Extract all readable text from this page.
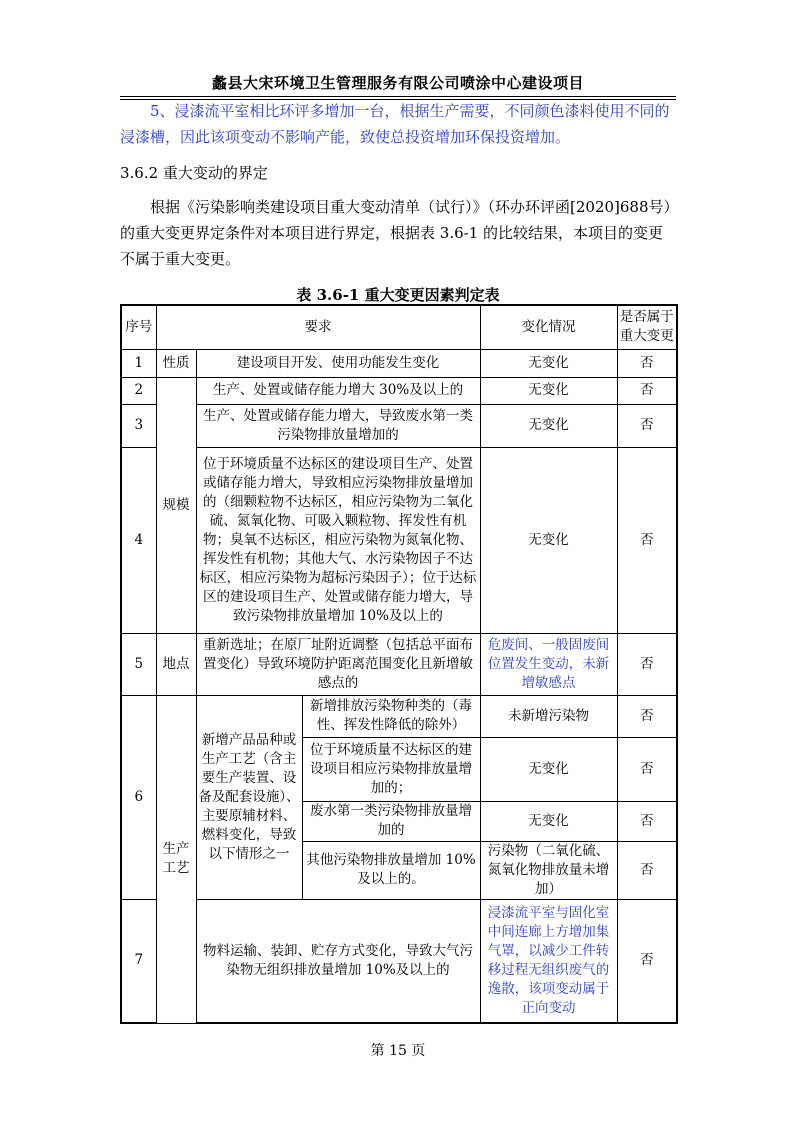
蠡县大宋环境卫生管理服务有限公司喷涂中心建设项目
5、浸漆流平室相比环评多增加一台，根据生产需要，不同颜色漆料使用不同的浸漆槽，因此该项变动不影响产能，致使总投资增加环保投资增加。
3.6.2 重大变动的界定
根据《污染影响类建设项目重大变动清单（试行）》（环办环评函[2020]688号）的重大变更界定条件对本项目进行界定，根据表 3.6-1 的比较结果，本项目的变更不属于重大变更。
表 3.6-1 重大变更因素判定表
序号	要求			变化情况	是否属于重大变更
1	性质	建设项目开发、使用功能发生变化		无变化	否
2	规模	生产、处置或储存能力增大 30%及以上的		无变化	否
3		生产、处置或储存能力增大，导致废水第一类污染物排放量增加的		无变化	否
4		位于环境质量不达标区的建设项目生产、处置或储存能力增大，导致相应污染物排放量增加的（细颗粒物不达标区，相应污染物为二氧化硫、氮氧化物、可吸入颗粒物、挥发性有机物；臭氧不达标区，相应污染物为氮氧化物、挥发性有机物；其他大气、水污染物因子不达标区，相应污染物为超标污染因子）；位于达标区的建设项目生产、处置或储存能力增大，导致污染物排放量增加 10%及以上的		无变化	否
5	地点	重新选址；在原厂址附近调整（包括总平面布置变化）导致环境防护距离范围变化且新增敏感点的		危废间、一般固废间位置发生变动，未新增敏感点	否
6	生产工艺	新增产品品种或生产工艺（含主要生产装置、设备及配套设施）、主要原辅材料、燃料变化，导致以下情形之一	新增排放污染物种类的（毒性、挥发性降低的除外）	未新增污染物	否
			位于环境质量不达标区的建设项目相应污染物排放量增加的；	无变化	否
			废水第一类污染物排放量增加的	无变化	否
			其他污染物排放量增加 10%及以上的。	污染物（二氧化硫、氮氧化物排放量未增加）	否
7		物料运输、装卸、贮存方式变化，导致大气污染物无组织排放量增加 10%及以上的		浸漆流平室与固化室中间连廊上方增加集气罩，以减少工件转移过程无组织废气的逸散，该项变动属于正向变动	否
第 15 页
